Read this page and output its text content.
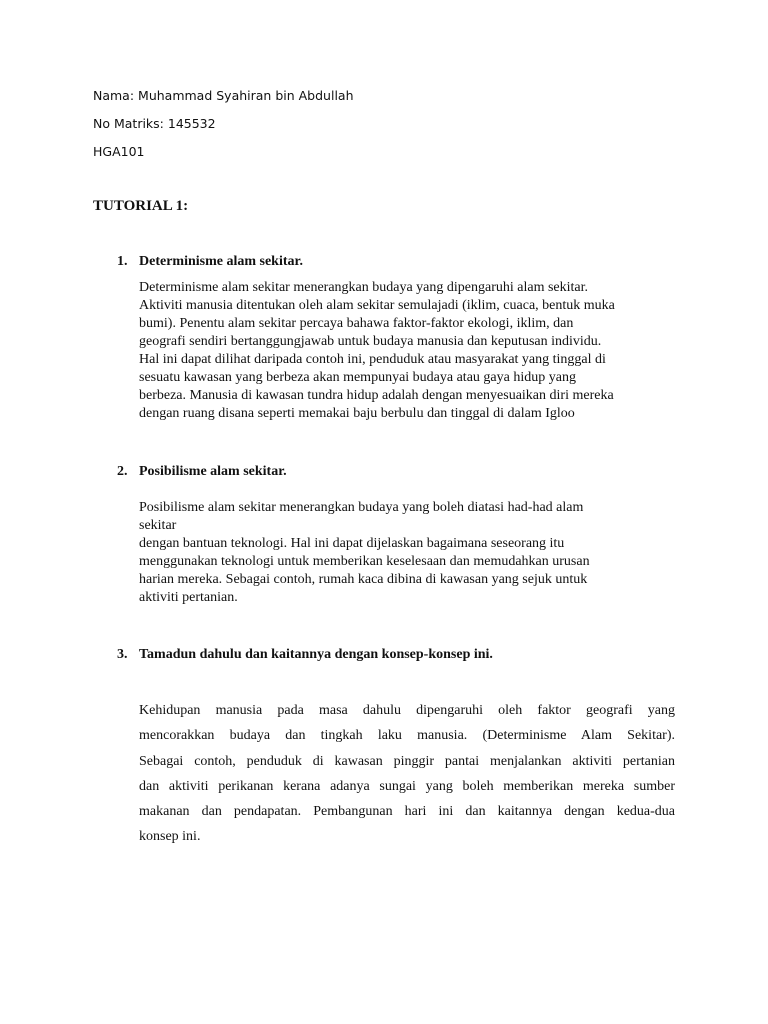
Nama: Muhammad Syahiran bin Abdullah
No Matriks: 145532
HGA101
TUTORIAL 1:
1. Determinisme alam sekitar.
Determinisme alam sekitar menerangkan budaya yang dipengaruhi alam sekitar.
Aktiviti manusia ditentukan oleh alam sekitar semulajadi (iklim, cuaca, bentuk muka
bumi). Penentu alam sekitar percaya bahawa faktor-faktor ekologi, iklim, dan
geografi sendiri bertanggungjawab untuk budaya manusia dan keputusan individu.
Hal ini dapat dilihat daripada contoh ini, penduduk atau masyarakat yang tinggal di
sesuatu kawasan yang berbeza akan mempunyai budaya atau gaya hidup yang
berbeza. Manusia di kawasan tundra hidup adalah dengan menyesuaikan diri mereka
dengan ruang disana seperti memakai baju berbulu dan tinggal di dalam Igloo
2. Posibilisme alam sekitar.
Posibilisme alam sekitar menerangkan budaya yang boleh diatasi had-had alam
sekitar
dengan bantuan teknologi. Hal ini dapat dijelaskan bagaimana seseorang itu
menggunakan teknologi untuk memberikan keselesaan dan memudahkan urusan
harian mereka. Sebagai contoh, rumah kaca dibina di kawasan yang sejuk untuk
aktiviti pertanian.
3. Tamadun dahulu dan kaitannya dengan konsep-konsep ini.
Kehidupan manusia pada masa dahulu dipengaruhi oleh faktor geografi yang
mencorakkan budaya dan tingkah laku manusia. (Determinisme Alam Sekitar).
Sebagai contoh, penduduk di kawasan pinggir pantai menjalankan aktiviti pertanian
dan aktiviti perikanan kerana adanya sungai yang boleh memberikan mereka sumber
makanan dan pendapatan. Pembangunan hari ini dan kaitannya dengan kedua-dua
konsep ini.
